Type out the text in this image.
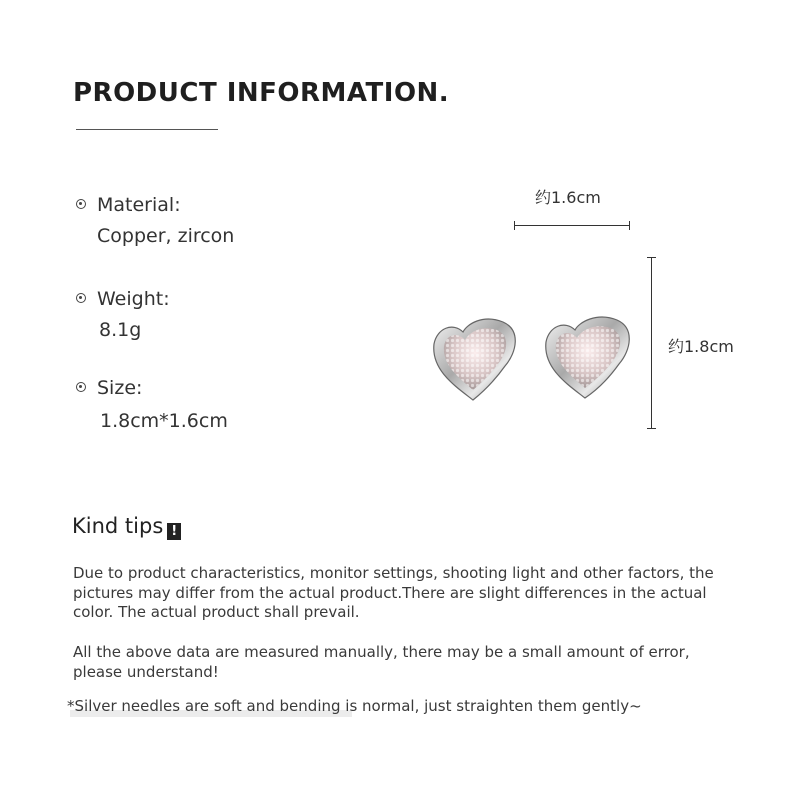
PRODUCT INFORMATION.
Material:
Copper, zircon
Weight:
8.1g
Size:
1.8cm*1.6cm
约1.6cm
约1.8cm
Kind tips !

Due to product characteristics, monitor settings, shooting light and other factors, the pictures may differ from the actual product.There are slight differences in the actual color. The actual product shall prevail.

All the above data are measured manually, there may be a small amount of error, please understand!

*Silver needles are soft and bending is normal, just straighten them gently~
